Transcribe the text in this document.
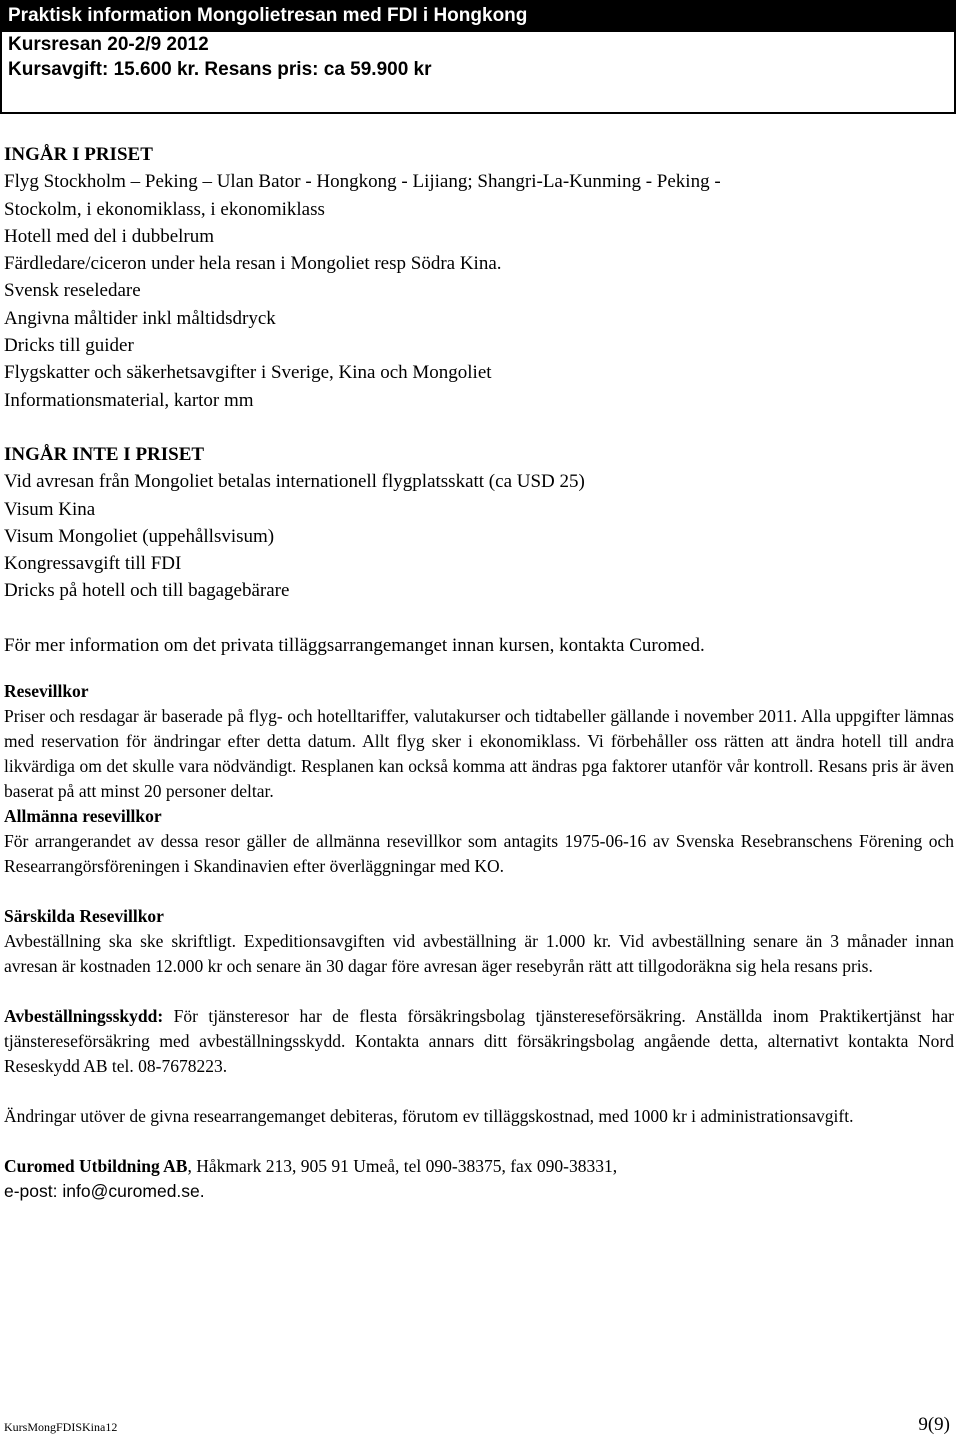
Praktisk information Mongolietresan med FDI i Hongkong
Kursresan 20-2/9 2012
Kursavgift: 15.600 kr. Resans pris: ca 59.900 kr
INGÅR I PRISET
Flyg Stockholm – Peking – Ulan Bator - Hongkong - Lijiang; Shangri-La-Kunming - Peking -
Stockolm, i ekonomiklass, i ekonomiklass
Hotell med del i dubbelrum
Färdledare/ciceron under hela resan i Mongoliet resp Södra Kina.
Svensk reseledare
Angivna måltider inkl måltidsdryck
Dricks till guider
Flygskatter och säkerhetsavgifter i Sverige, Kina och Mongoliet
Informationsmaterial, kartor mm
INGÅR INTE I PRISET
Vid avresan från Mongoliet betalas internationell flygplatsskatt (ca USD 25)
Visum Kina
Visum Mongoliet (uppehållsvisum)
Kongressavgift till FDI
Dricks på hotell och till bagagebärare
För mer information om det privata tilläggsarrangemanget innan kursen, kontakta Curomed.
Resevillkor
Priser och resdagar är baserade på flyg- och hotelltariffer, valutakurser och tidtabeller gällande i november 2011. Alla uppgifter lämnas med reservation för ändringar efter detta datum. Allt flyg sker i ekonomiklass. Vi förbehåller oss rätten att ändra hotell till andra likvärdiga om det skulle vara nödvändigt. Resplanen kan också komma att ändras pga faktorer utanför vår kontroll. Resans pris är även baserat på att minst 20 personer deltar.
Allmänna resevillkor
För arrangerandet av dessa resor gäller de allmänna resevillkor som antagits 1975-06-16 av Svenska Resebranschens Förening och Researrangörsföreningen i Skandinavien efter överläggningar med KO.
Särskilda Resevillkor
Avbeställning ska ske skriftligt. Expeditionsavgiften vid avbeställning är 1.000 kr. Vid avbeställning senare än 3 månader innan avresan är kostnaden 12.000 kr och senare än 30 dagar före avresan äger resebyrån rätt att tillgodoräkna sig hela resans pris.
Avbeställningsskydd: För tjänsteresor har de flesta försäkringsbolag tjänstereseförsäkring. Anställda inom Praktikertjänst har tjänstereseförsäkring med avbeställningsskydd. Kontakta annars ditt försäkringsbolag angående detta, alternativt kontakta Nord Reseskydd AB tel. 08-7678223.
Ändringar utöver de givna researrangemanget debiteras, förutom ev tilläggskostnad, med 1000 kr i administrationsavgift.
Curomed Utbildning AB, Håkmark 213, 905 91 Umeå, tel 090-38375, fax 090-38331,
e-post: info@curomed.se.
KursMongFDISKina12	9(9)
